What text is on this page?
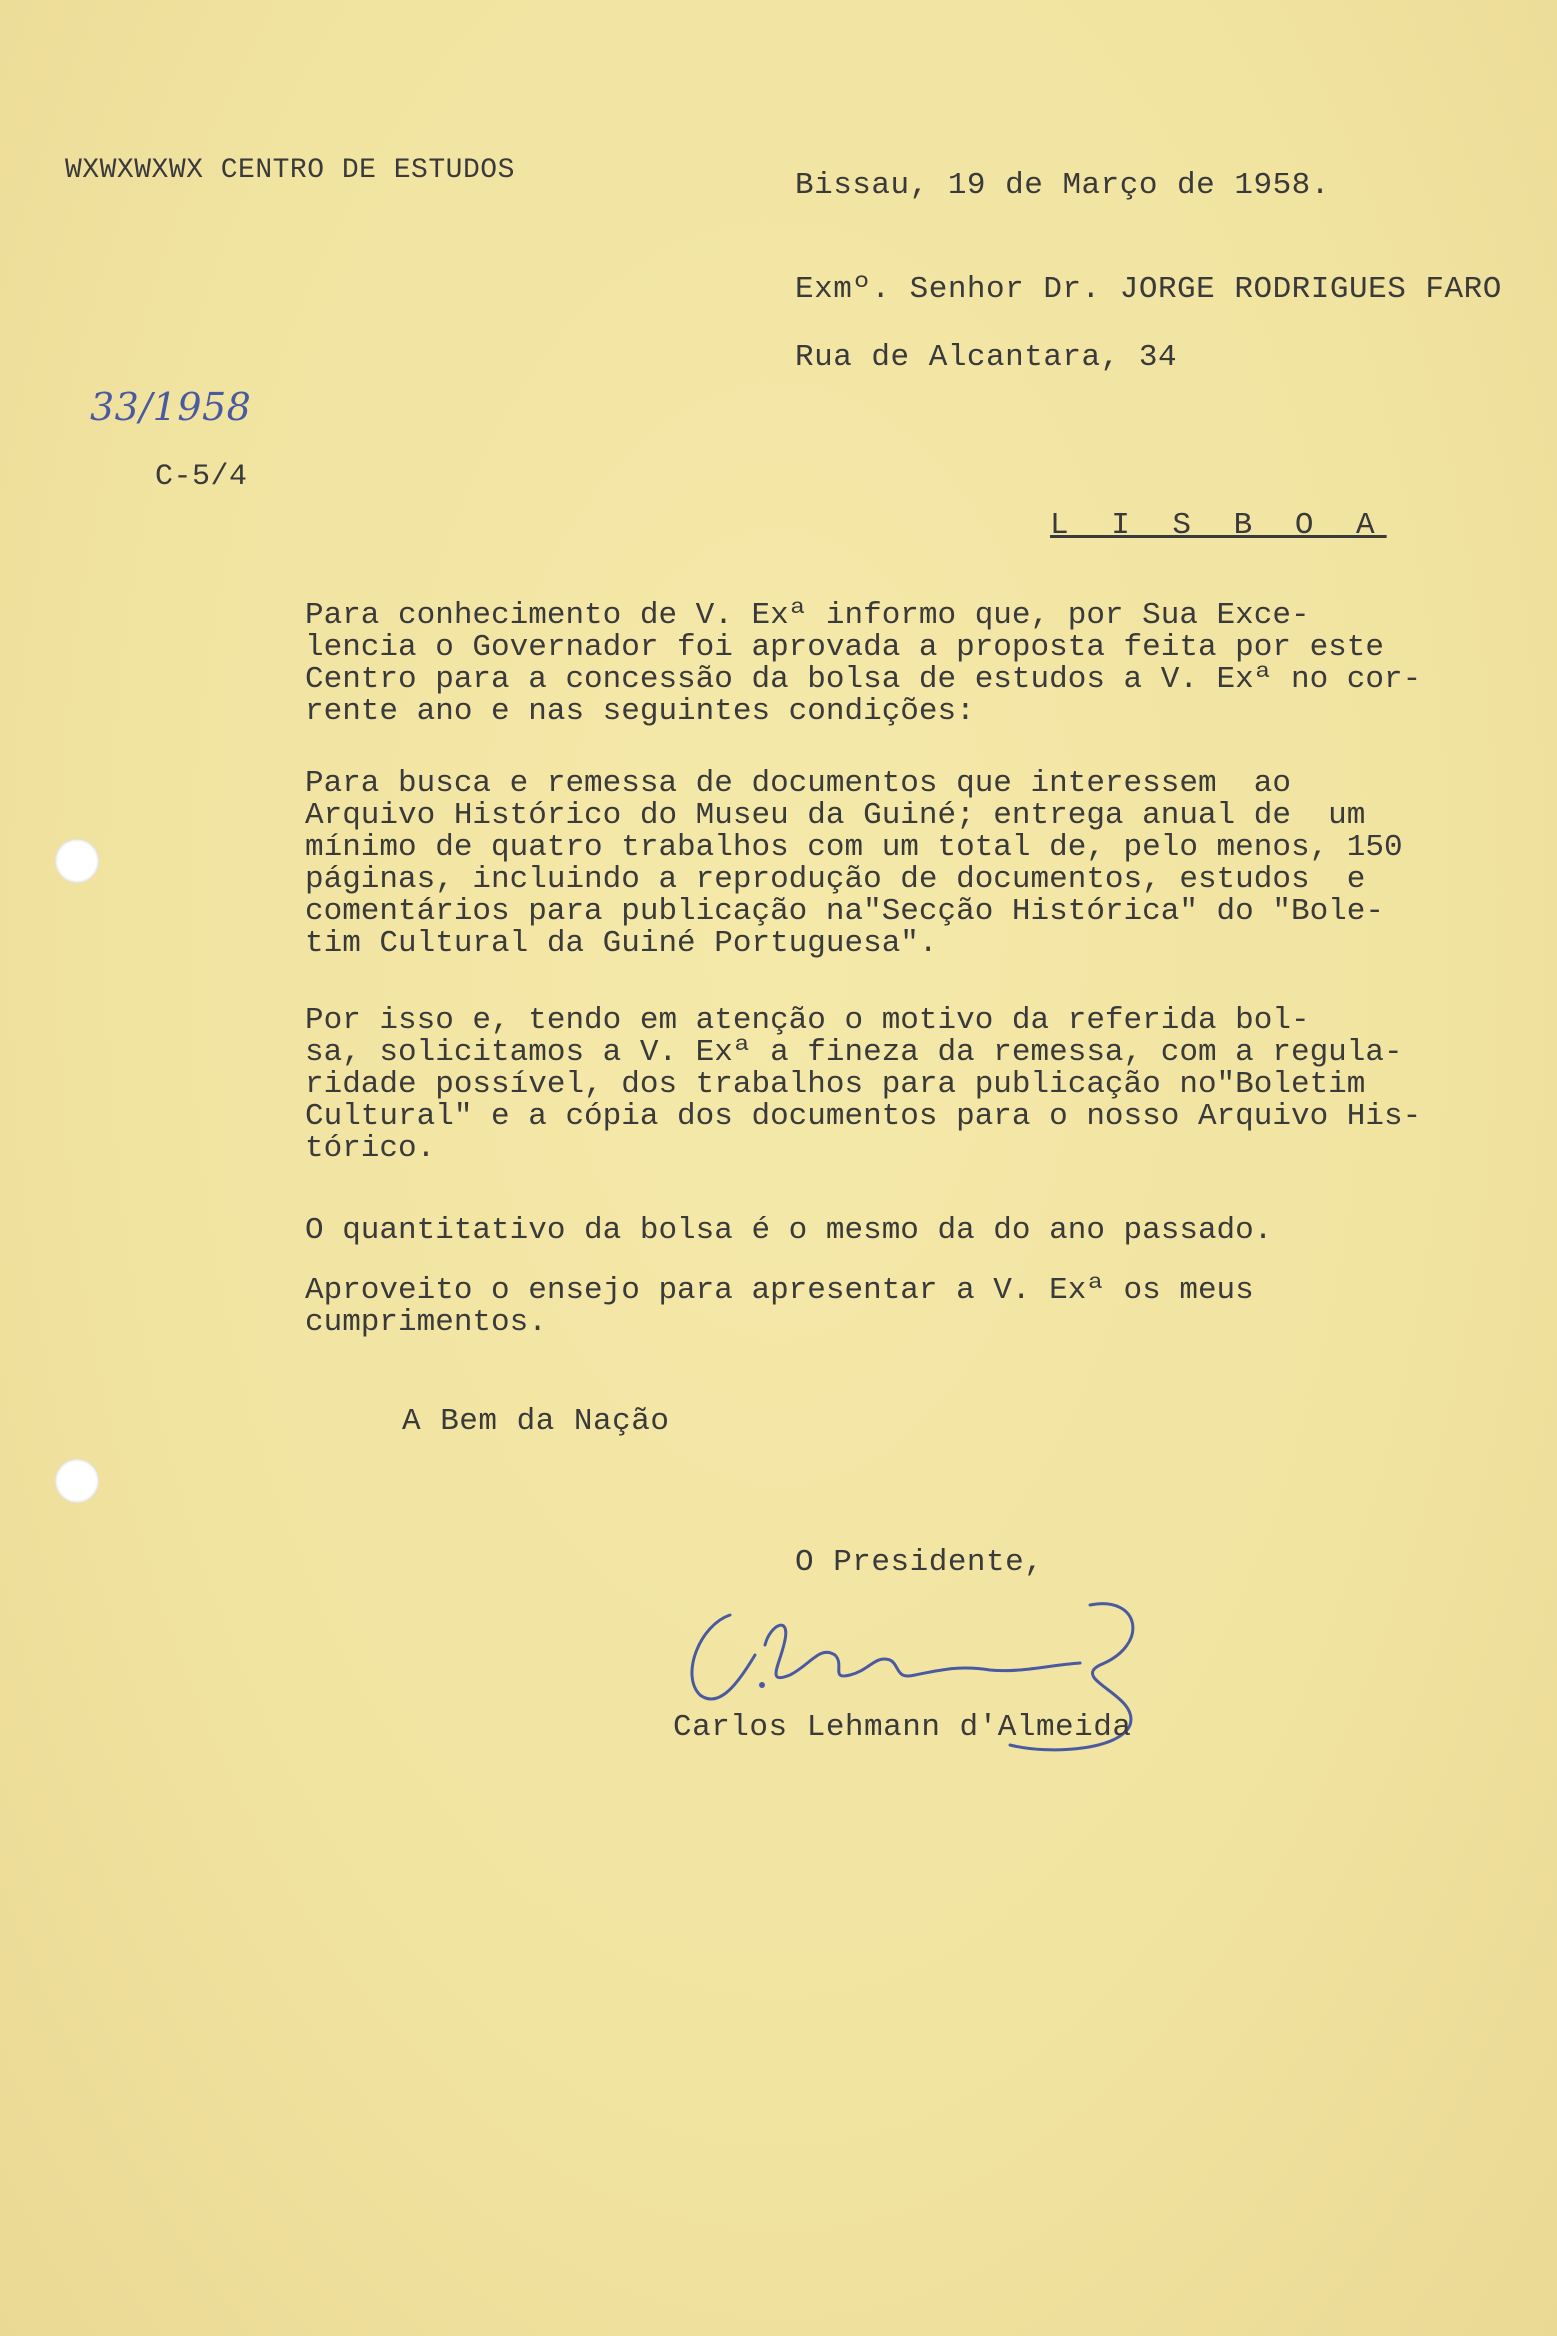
WXWXWXWX CENTRO DE ESTUDOS	Bissau, 19 de Março de 1958.
Exmº. Senhor Dr. JORGE RODRIGUES FARO
Rua de Alcantara, 34
L I S B O A
33/1958
C-5/4
Para conhecimento de V. Exª informo que, por Sua Exce-
lencia o Governador foi aprovada a proposta feita por este
Centro para a concessão da bolsa de estudos a V. Exª no cor-
rente ano e nas seguintes condições:
Para busca e remessa de documentos que interessem  ao
Arquivo Histórico do Museu da Guiné; entrega anual de  um
mínimo de quatro trabalhos com um total de, pelo menos, 150
páginas, incluindo a reprodução de documentos, estudos  e
comentários para publicação na"Secção Histórica" do "Bole-
tim Cultural da Guiné Portuguesa".
Por isso e, tendo em atenção o motivo da referida bol-
sa, solicitamos a V. Exª a fineza da remessa, com a regula-
ridade possível, dos trabalhos para publicação no"Boletim
Cultural" e a cópia dos documentos para o nosso Arquivo His-
tórico.
O quantitativo da bolsa é o mesmo da do ano passado.
Aproveito o ensejo para apresentar a V. Exª os meus
cumprimentos.
A Bem da Nação
O Presidente,
Carlos Lehmann d'Almeida
